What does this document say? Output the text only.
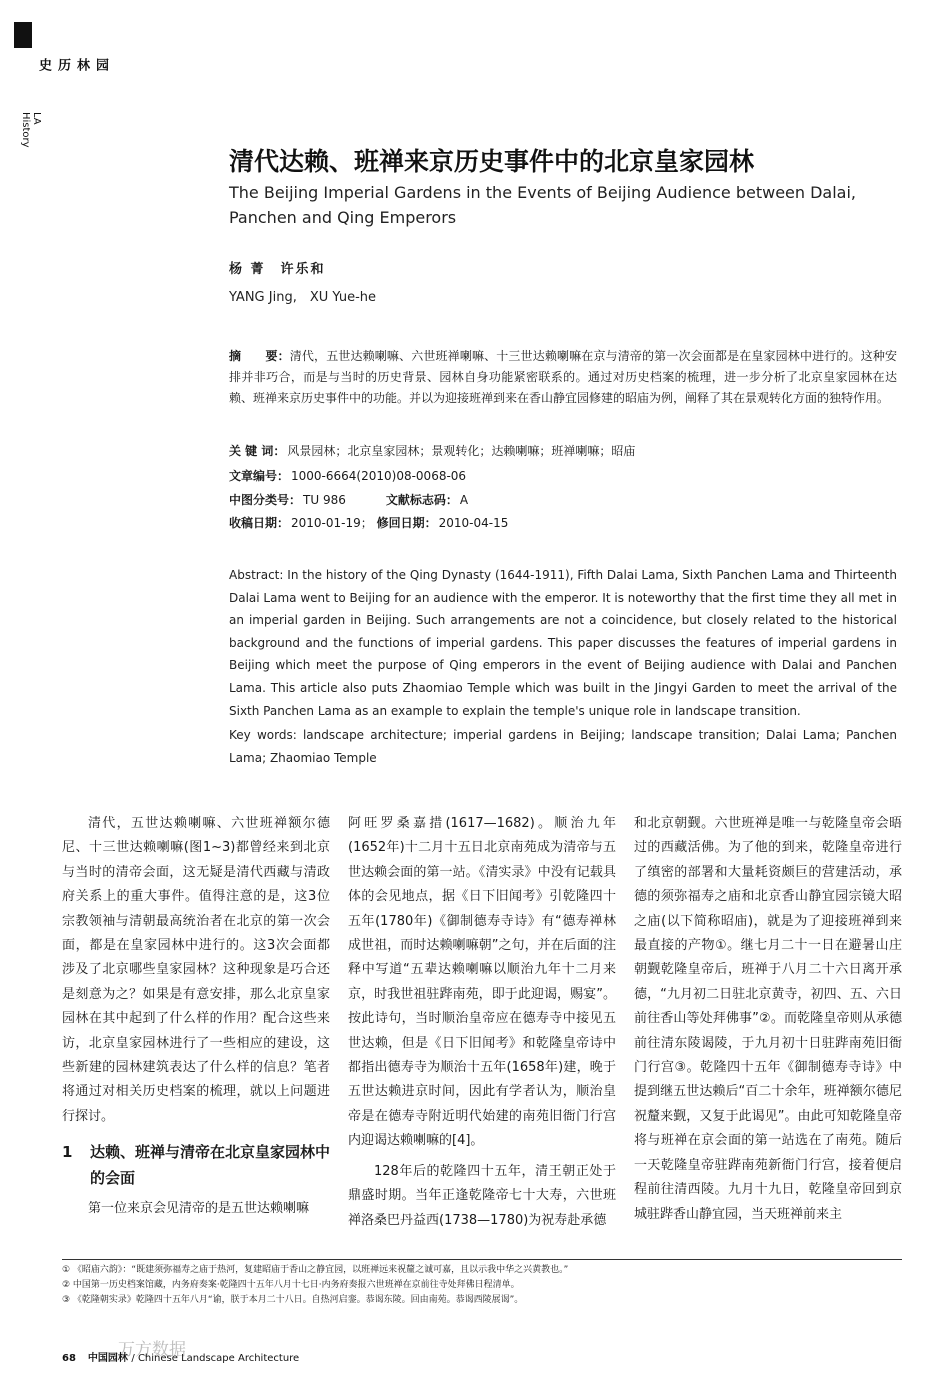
园林历史
LA History
清代达赖、班禅来京历史事件中的北京皇家园林
The Beijing Imperial Gardens in the Events of Beijing Audience between Dalai, Panchen and Qing Emperors
杨 菁　许乐和
YANG Jing,　XU Yue-he
摘　　要：清代，五世达赖喇嘛、六世班禅喇嘛、十三世达赖喇嘛在京与清帝的第一次会面都是在皇家园林中进行的。这种安排并非巧合，而是与当时的历史背景、园林自身功能紧密联系的。通过对历史档案的梳理，进一步分析了北京皇家园林在达赖、班禅来京历史事件中的功能。并以为迎接班禅到来在香山静宜园修建的昭庙为例，阐释了其在景观转化方面的独特作用。
关 键 词： 风景园林；北京皇家园林；景观转化；达赖喇嘛；班禅喇嘛；昭庙
文章编号： 1000-6664(2010)08-0068-06
中图分类号： TU 986	文献标志码： A
收稿日期： 2010-01-19； 修回日期： 2010-04-15
Abstract: In the history of the Qing Dynasty (1644-1911), Fifth Dalai Lama, Sixth Panchen Lama and Thirteenth Dalai Lama went to Beijing for an audience with the emperor. It is noteworthy that the first time they all met in an imperial garden in Beijing. Such arrangements are not a coincidence, but closely related to the historical background and the functions of imperial gardens. This paper discusses the features of imperial gardens in Beijing which meet the purpose of Qing emperors in the event of Beijing audience with Dalai and Panchen Lama. This article also puts Zhaomiao Temple which was built in the Jingyi Garden to meet the arrival of the Sixth Panchen Lama as an example to explain the temple's unique role in landscape transition.
Key words: landscape architecture; imperial gardens in Beijing; landscape transition; Dalai Lama; Panchen Lama; Zhaomiao Temple

清代，五世达赖喇嘛、六世班禅额尔德尼、十三世达赖喇嘛(图1~3)都曾经来到北京与当时的清帝会面，这无疑是清代西藏与清政府关系上的重大事件。值得注意的是，这3位宗教领袖与清朝最高统治者在北京的第一次会面，都是在皇家园林中进行的。这3次会面都涉及了北京哪些皇家园林？这种现象是巧合还是刻意为之？如果是有意安排，那么北京皇家园林在其中起到了什么样的作用？配合这些来访，北京皇家园林进行了一些相应的建设，这些新建的园林建筑表达了什么样的信息？笔者将通过对相关历史档案的梳理，就以上问题进行探讨。

1	达赖、班禅与清帝在北京皇家园林中的会面

第一位来京会见清帝的是五世达赖喇嘛

阿旺罗桑嘉措(1617—1682)。顺治九年(1652年)十二月十五日北京南苑成为清帝与五世达赖会面的第一站。《清实录》中没有记载具体的会见地点，据《日下旧闻考》引乾隆四十五年(1780年)《御制德寿寺诗》有“德寿禅林成世祖，而时达赖喇嘛朝”之句，并在后面的注释中写道“五辈达赖喇嘛以顺治九年十二月来京，时我世祖驻跸南苑，即于此迎谒，赐宴”。按此诗句，当时顺治皇帝应在德寿寺中接见五世达赖，但是《日下旧闻考》和乾隆皇帝诗中都指出德寿寺为顺治十五年(1658年)建，晚于五世达赖进京时间，因此有学者认为，顺治皇帝是在德寿寺附近明代始建的南苑旧衙门行宫内迎谒达赖喇嘛的[4]。

128年后的乾隆四十五年，清王朝正处于鼎盛时期。当年正逢乾隆帝七十大寿，六世班禅洛桑巴丹益西(1738—1780)为祝寿赴承德

和北京朝觐。六世班禅是唯一与乾隆皇帝会晤过的西藏活佛。为了他的到来，乾隆皇帝进行了缜密的部署和大量耗资颇巨的营建活动，承德的须弥福寿之庙和北京香山静宜园宗镜大昭之庙(以下简称昭庙)，就是为了迎接班禅到来最直接的产物①。继七月二十一日在避暑山庄朝觐乾隆皇帝后，班禅于八月二十六日离开承德，“九月初二日驻北京黄寺，初四、五、六日前往香山等处拜佛事”②。而乾隆皇帝则从承德前往清东陵谒陵，于九月初十日驻跸南苑旧衙门行宫③。乾隆四十五年《御制德寿寺诗》中提到继五世达赖后“百二十余年，班禅额尔德尼祝釐来觐，又复于此谒见”。由此可知乾隆皇帝将与班禅在京会面的第一站选在了南苑。随后一天乾隆皇帝驻跸南苑新衙门行宫，接着便启程前往清西陵。九月十九日，乾隆皇帝回到京城驻跸香山静宜园，当天班禅前来主

① 《昭庙六韵》：“既建须弥福寿之庙于热河，复建昭庙于香山之静宜园，以班禅远来祝釐之诚可嘉，且以示我中华之兴黄教也。”
② 中国第一历史档案馆藏，内务府奏案·乾隆四十五年八月十七日·内务府奏报六世班禅在京前往寺处拜佛日程清单。
③ 《乾隆朝实录》乾隆四十五年八月“谕，朕于本月二十八日。自热河启銮。恭谒东陵。回由南苑。恭谒西陵展谒”。
万方数据
68 中国园林 / Chinese Landscape Architecture
